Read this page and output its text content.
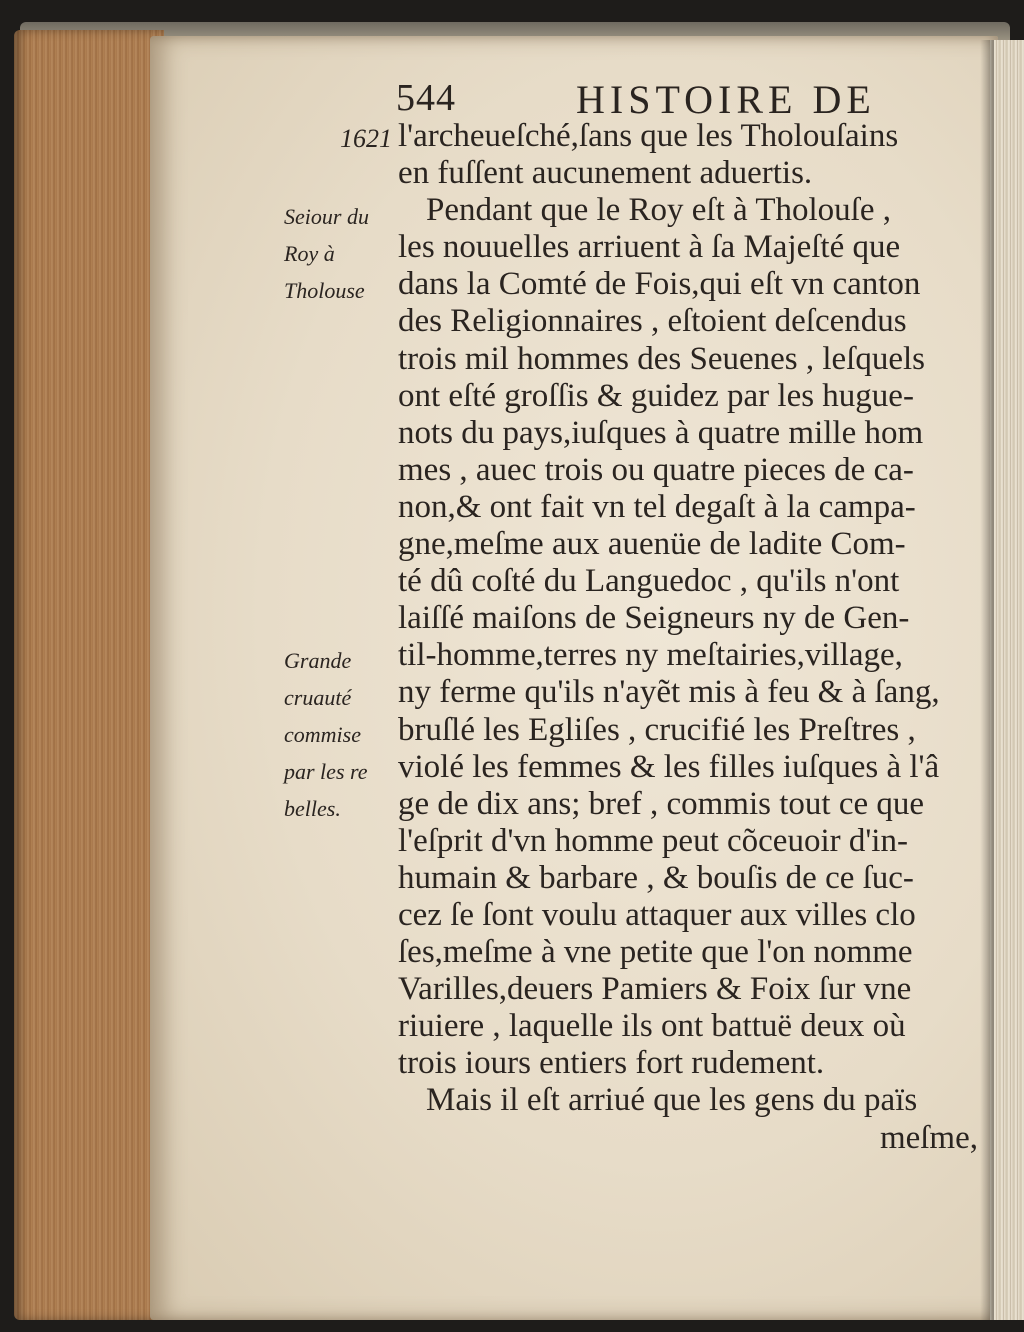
544	HISTOIRE DE
1621
Seiour du
Roy à
Tholouse
Grande
cruauté
commise
par les re
belles.
l'archeueſché,ſans que les Tholouſains
en fuſſent aucunement aduertis.
Pendant que le Roy eſt à Tholouſe ,
les nouuelles arriuent à ſa Majeſté que
dans la Comté de Fois,qui eſt vn canton
des Religionnaires , eſtoient deſcendus
trois mil hommes des Seuenes , leſquels
ont eſté groſſis & guidez par les hugue-
nots du pays,iuſques à quatre mille hom
mes , auec trois ou quatre pieces de ca-
non,& ont fait vn tel degaſt à la campa-
gne,meſme aux auenüe de ladite Com-
té dû coſté du Languedoc , qu'ils n'ont
laiſſé maiſons de Seigneurs ny de Gen-
til-homme,terres ny meſtairies,village,
ny ferme qu'ils n'ayẽt mis à feu & à ſang,
bruſlé les Egliſes , crucifié les Preſtres ,
violé les femmes & les filles iuſques à l'â
ge de dix ans; bref , commis tout ce que
l'eſprit d'vn homme peut cõceuoir d'in-
humain & barbare , & bouſis de ce ſuc-
cez ſe ſont voulu attaquer aux villes clo
ſes,meſme à vne petite que l'on nomme
Varilles,deuers Pamiers & Foix ſur vne
riuiere , laquelle ils ont battuë deux où
trois iours entiers fort rudement.
Mais il eſt arriué que les gens du païs
meſme,
